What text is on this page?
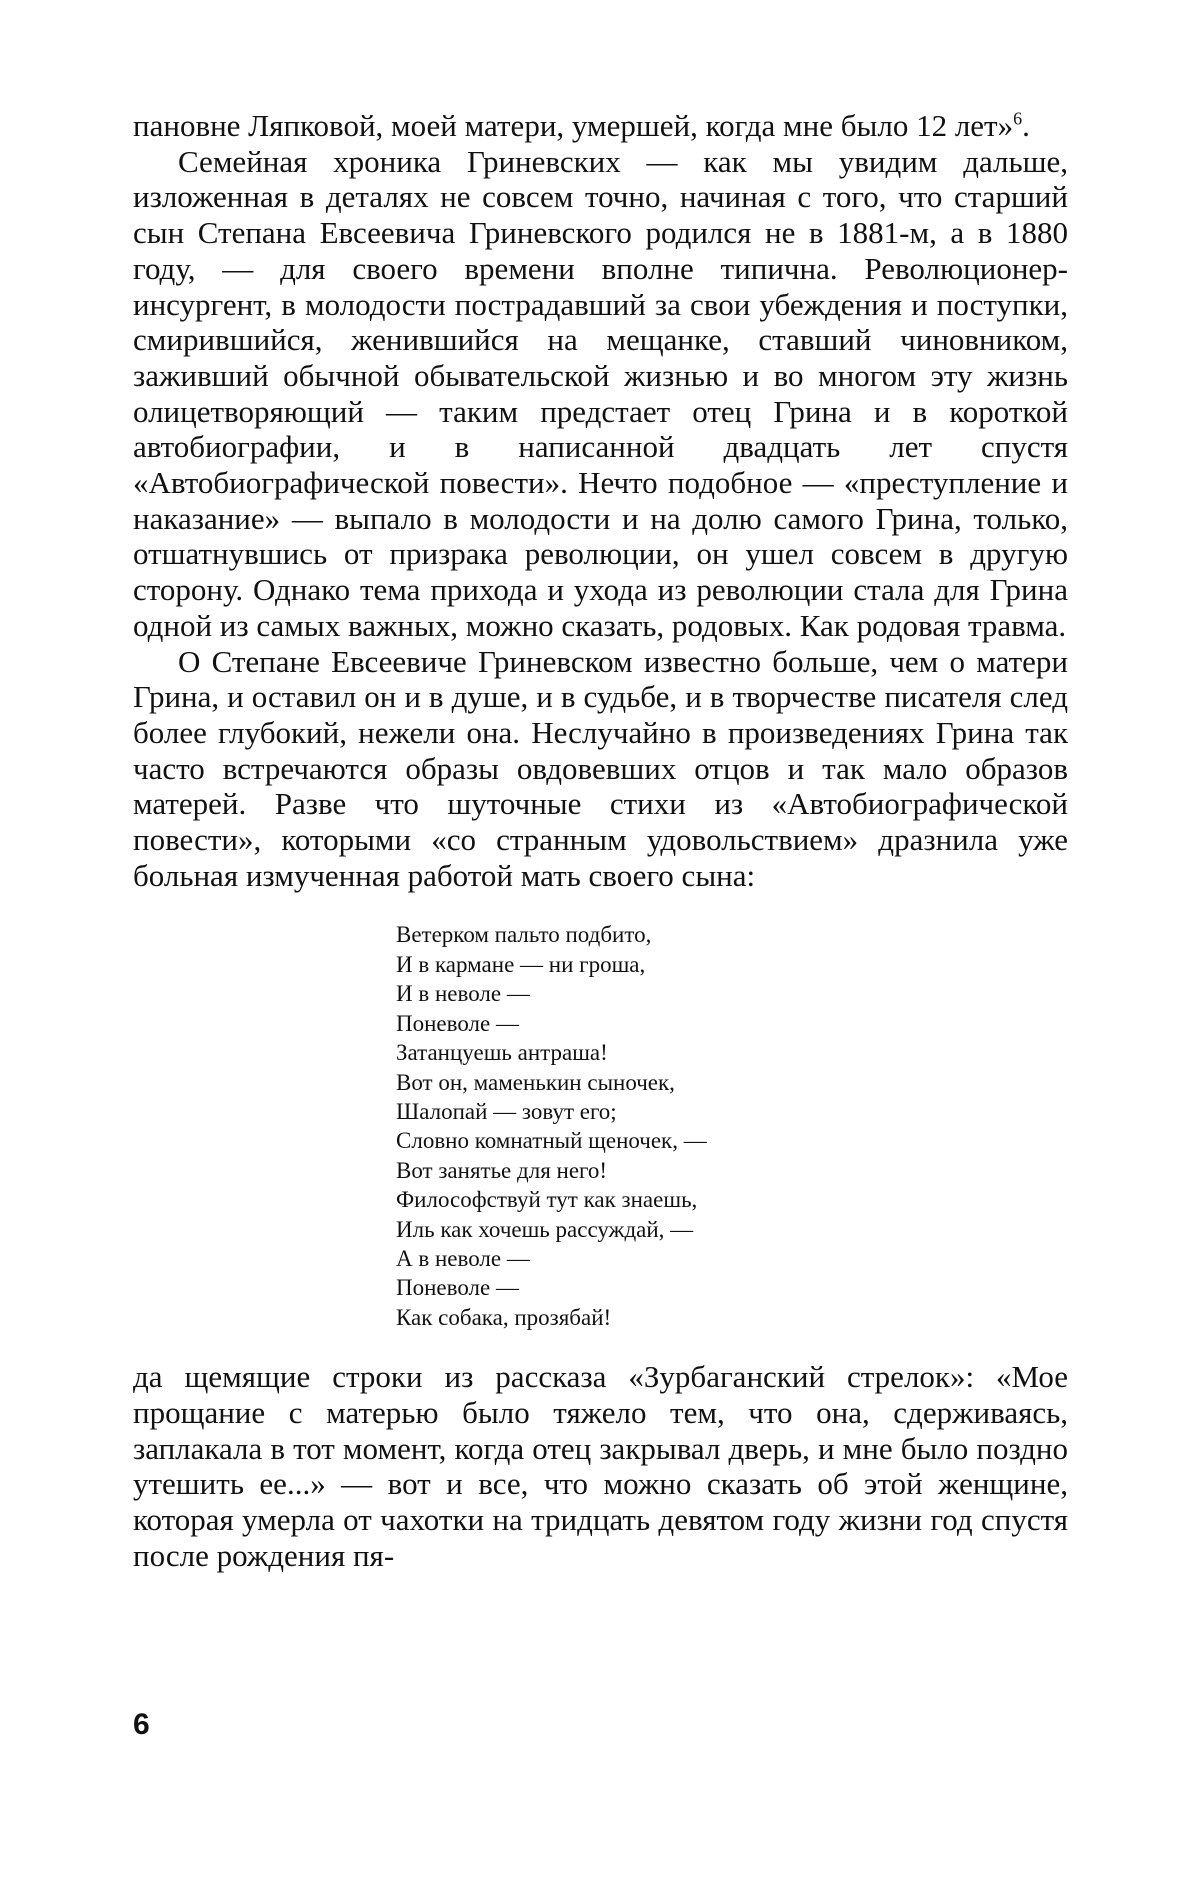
пановне Ляпковой, моей матери, умершей, когда мне было 12 лет»$^6$.

Семейная хроника Гриневских — как мы увидим дальше, изложенная в деталях не совсем точно, начиная с того, что старший сын Степана Евсеевича Гриневского родился не в 1881-м, а в 1880 году, — для своего времени вполне типична. Революционер-инсургент, в молодости пострадавший за свои убеждения и поступки, смирившийся, женившийся на мещанке, ставший чиновником, заживший обычной обывательской жизнью и во многом эту жизнь олицетворяющий — таким предстает отец Грина и в короткой автобиографии, и в написанной двадцать лет спустя «Автобиографической повести». Нечто подобное — «преступление и наказание» — выпало в молодости и на долю самого Грина, только, отшатнувшись от призрака революции, он ушел совсем в другую сторону. Однако тема прихода и ухода из революции стала для Грина одной из самых важных, можно сказать, родовых. Как родовая травма.

О Степане Евсеевиче Гриневском известно больше, чем о матери Грина, и оставил он и в душе, и в судьбе, и в творчестве писателя след более глубокий, нежели она. Неслучайно в произведениях Грина так часто встречаются образы овдовевших отцов и так мало образов матерей. Разве что шуточные стихи из «Автобиографической повести», которыми «со странным удовольствием» дразнила уже больная измученная работой мать своего сына:

Ветерком пальто подбито,
И в кармане — ни гроша,
И в неволе —
Поневоле —
Затанцуешь антраша!
Вот он, маменькин сыночек,
Шалопай — зовут его;
Словно комнатный щеночек, —
Вот занятье для него!
Философствуй тут как знаешь,
Иль как хочешь рассуждай, —
А в неволе —
Поневоле —
Как собака, прозябай!

да щемящие строки из рассказа «Зурбаганский стрелок»: «Мое прощание с матерью было тяжело тем, что она, сдерживаясь, заплакала в тот момент, когда отец закрывал дверь, и мне было поздно утешить ее...» — вот и все, что можно сказать об этой женщине, которая умерла от чахотки на тридцать девятом году жизни год спустя после рождения пя-

6
